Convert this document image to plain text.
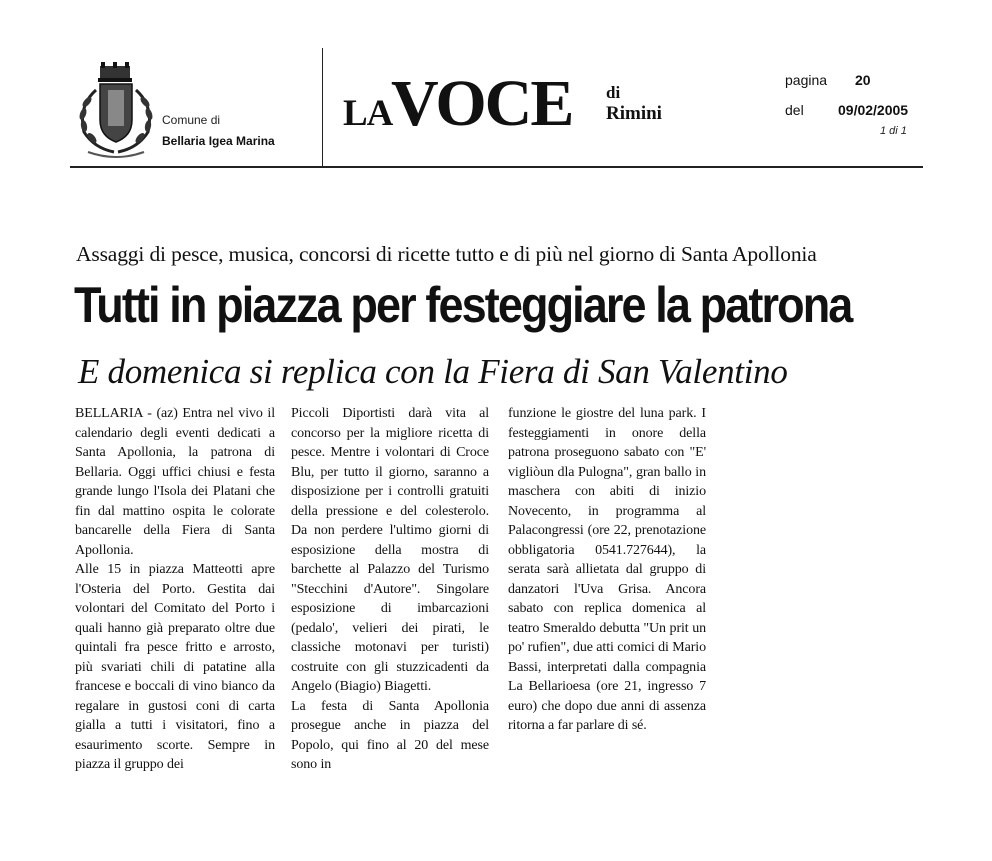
Comune di
Bellaria Igea Marina
LA
VOCE di
Rimini
pagina 20
del 09/02/2005
1 di 1
Assaggi di pesce, musica, concorsi di ricette tutto e di più nel giorno di Santa Apollonia
Tutti in piazza per festeggiare la patrona
E domenica si replica con la Fiera di San Valentino

BELLARIA - (az) Entra nel vivo il calendario degli eventi dedicati a Santa Apollonia, la patrona di Bellaria. Oggi uffici chiusi e festa grande lungo l'Isola dei Platani che fin dal mattino ospita le colorate bancarelle della Fiera di Santa Apollonia.

Alle 15 in piazza Matteotti apre l'Osteria del Porto. Gestita dai volontari del Comitato del Porto i quali hanno già preparato oltre due quintali fra pesce fritto e arrosto, più svariati chili di patatine alla francese e boccali di vino bianco da regalare in gustosi coni di carta gialla a tutti i visitatori, fino a esaurimento scorte. Sempre in piazza il gruppo dei

Piccoli Diportisti darà vita al concorso per la migliore ricetta di pesce. Mentre i volontari di Croce Blu, per tutto il giorno, saranno a disposizione per i controlli gratuiti della pressione e del colesterolo. Da non perdere l'ultimo giorni di esposizione della mostra di barchette al Palazzo del Turismo "Stecchini d'Autore". Singolare esposizione di imbarcazioni (pedalo', velieri dei pirati, le classiche motonavi per turisti) costruite con gli stuzzicadenti da Angelo (Biagio) Biagetti.

La festa di Santa Apollonia prosegue anche in piazza del Popolo, qui fino al 20 del mese sono in

funzione le giostre del luna park. I festeggiamenti in onore della patrona proseguono sabato con "E' vigliòun dla Pulogna", gran ballo in maschera con abiti di inizio Novecento, in programma al Palacongressi (ore 22, prenotazione obbligatoria 0541.727644), la serata sarà allietata dal gruppo di danzatori l'Uva Grisa. Ancora sabato con replica domenica al teatro Smeraldo debutta "Un prit un po' rufien", due atti comici di Mario Bassi, interpretati dalla compagnia La Bellarioesa (ore 21, ingresso 7 euro) che dopo due anni di assenza ritorna a far parlare di sé.
